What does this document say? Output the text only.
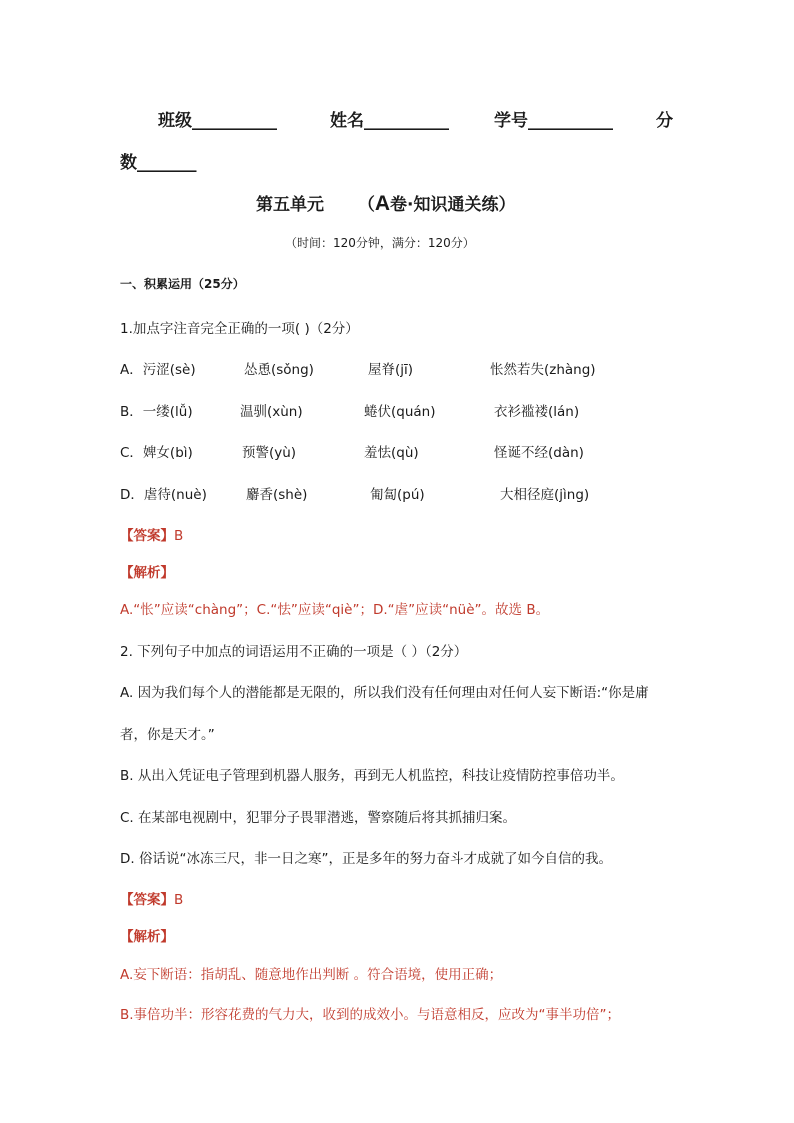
班级__________	姓名__________	学号__________	分
数_______
第五单元 （A卷·知识通关练）
（时间：120分钟，满分：120分）
一、积累运用（25分）
1.加点字注音完全正确的一项( )（2分）
A．污涩(sè)	怂恿(sǒng)	屋脊(jī)	怅然若失(zhàng)
B．一缕(lǚ)	温驯(xùn)	蜷伏(quán)	衣衫褴褛(lán)
C．婢女(bì)	预警(yù)	羞怯(qù)	怪诞不经(dàn)
D．虐待(nuè)	麝香(shè)	匍匐(pú)	大相径庭(jìng)
【答案】B
【解析】
A.“怅”应读“chàng”；C.“怯”应读“qiè”；D.“虐”应读“nüè”。故选 B。
2. 下列句子中加点的词语运用不正确的一项是（ ）（2分）
A. 因为我们每个人的潜能都是无限的，所以我们没有任何理由对任何人妄下断语:“你是庸
者，你是天才。”
B. 从出入凭证电子管理到机器人服务，再到无人机监控，科技让疫情防控事倍功半。
C. 在某部电视剧中，犯罪分子畏罪潜逃，警察随后将其抓捕归案。
D. 俗话说“冰冻三尺，非一日之寒”，正是多年的努力奋斗才成就了如今自信的我。
【答案】B
【解析】
A.妄下断语：指胡乱、随意地作出判断 。符合语境，使用正确；
B.事倍功半：形容花费的气力大，收到的成效小。与语意相反，应改为“事半功倍”；
